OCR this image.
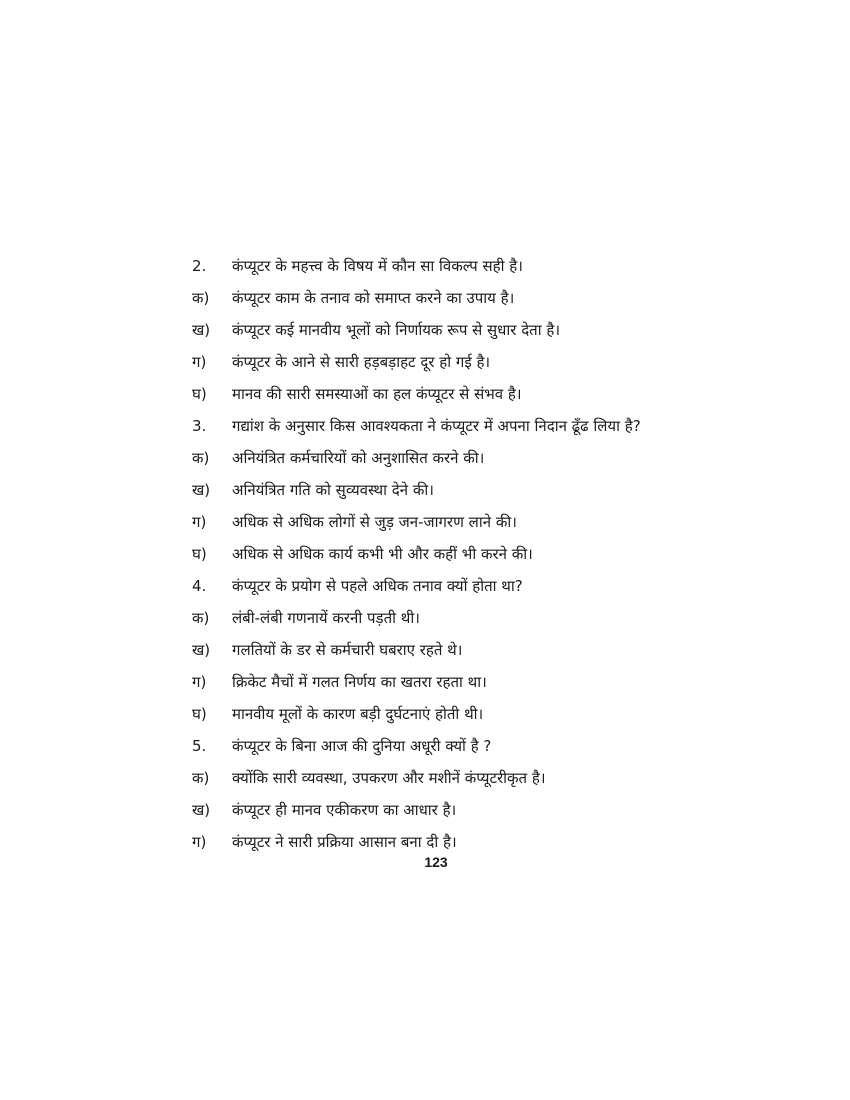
2.	कंप्यूटर के महत्त्व के विषय में कौन सा विकल्प सही है।
क)	कंप्यूटर काम के तनाव को समाप्त करने का उपाय है।
ख)	कंप्यूटर कई मानवीय भूलों को निर्णायक रूप से सुधार देता है।
ग)	कंप्यूटर के आने से सारी हड़बड़ाहट दूर हो गई है।
घ)	मानव की सारी समस्याओं का हल कंप्यूटर से संभव है।
3.	गद्यांश के अनुसार किस आवश्यकता ने कंप्यूटर में अपना निदान ढूँढ लिया है?
क)	अनियंत्रित कर्मचारियों को अनुशासित करने की।
ख)	अनियंत्रित गति को सुव्यवस्था देने की।
ग)	अधिक से अधिक लोगों से जुड़ जन-जागरण लाने की।
घ)	अधिक से अधिक कार्य कभी भी और कहीं भी करने की।
4.	कंप्यूटर के प्रयोग से पहले अधिक तनाव क्यों होता था?
क)	लंबी-लंबी गणनायें करनी पड़ती थी।
ख)	गलतियों के डर से कर्मचारी घबराए रहते थे।
ग)	क्रिकेट मैचों में गलत निर्णय का खतरा रहता था।
घ)	मानवीय मूलों के कारण बड़ी दुर्घटनाएं होती थी।
5.	कंप्यूटर के बिना आज की दुनिया अधूरी क्यों है ?
क)	क्योंकि सारी व्यवस्था, उपकरण और मशीनें कंप्यूटरीकृत है।
ख)	कंप्यूटर ही मानव एकीकरण का आधार है।
ग)	कंप्यूटर ने सारी प्रक्रिया आसान बना दी है।
123
